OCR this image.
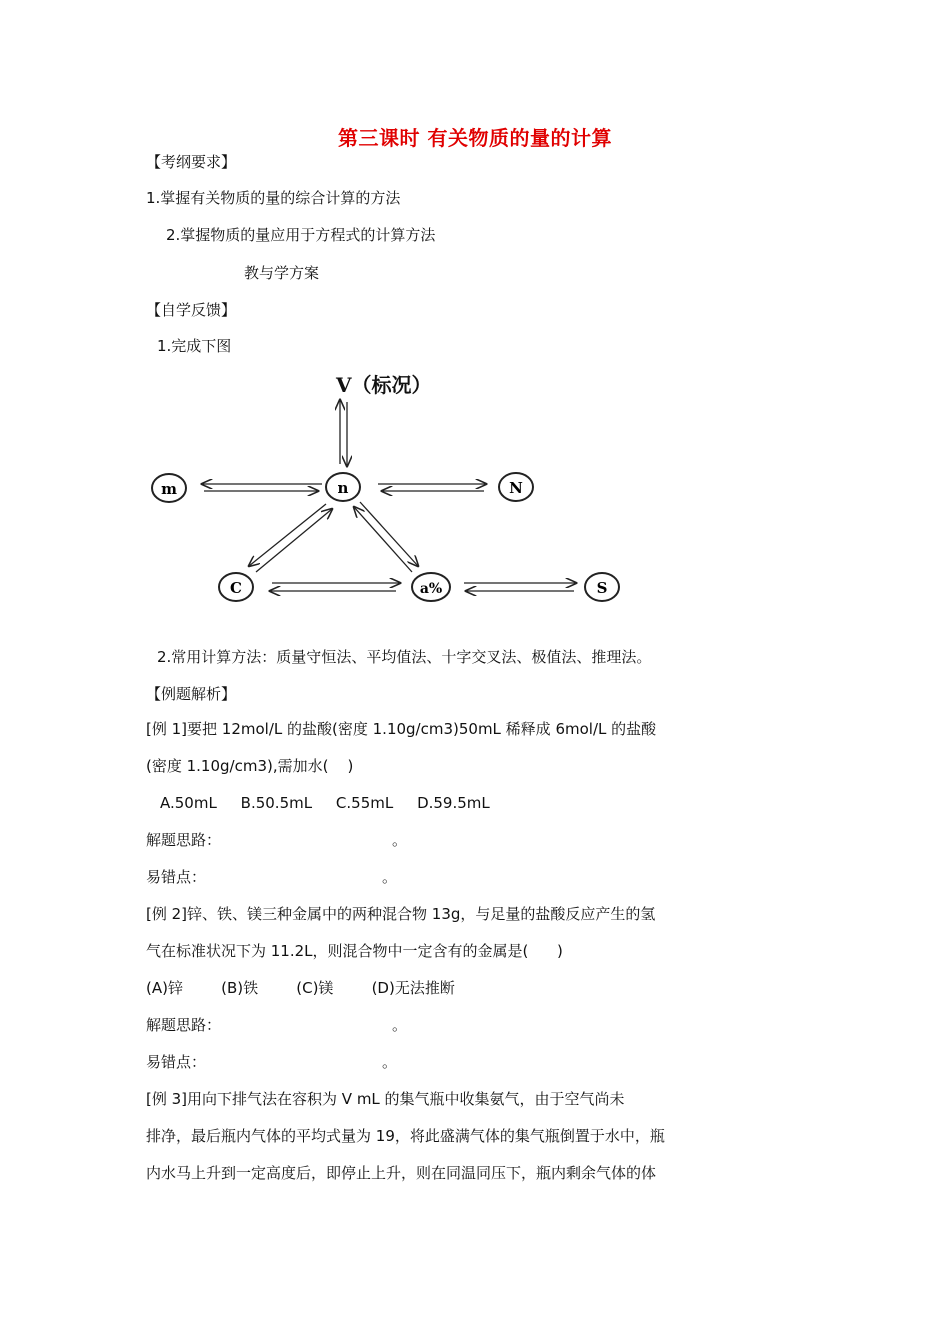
第三课时 有关物质的量的计算
【考纲要求】
1.掌握有关物质的量的综合计算的方法
2.掌握物质的量应用于方程式的计算方法
教与学方案
【自学反馈】
1.完成下图
V（标况）
m	n	N
C	a%	S
2.常用计算方法：质量守恒法、平均值法、十字交叉法、极值法、推理法。
【例题解析】
[例 1]要把 12mol/L 的盐酸(密度 1.10g/cm3)50mL 稀释成 6mol/L 的盐酸
(密度 1.10g/cm3),需加水(    )
A.50mL     B.50.5mL     C.55mL     D.59.5mL
解题思路：	。
易错点：	。
[例 2]锌、铁、镁三种金属中的两种混合物 13g，与足量的盐酸反应产生的氢
气在标准状况下为 11.2L，则混合物中一定含有的金属是(      )
(A)锌        (B)铁        (C)镁        (D)无法推断
解题思路：	。
易错点：	。
[例 3]用向下排气法在容积为 V mL 的集气瓶中收集氨气，由于空气尚未
排净，最后瓶内气体的平均式量为 19，将此盛满气体的集气瓶倒置于水中，瓶
内水马上升到一定高度后，即停止上升，则在同温同压下，瓶内剩余气体的体
